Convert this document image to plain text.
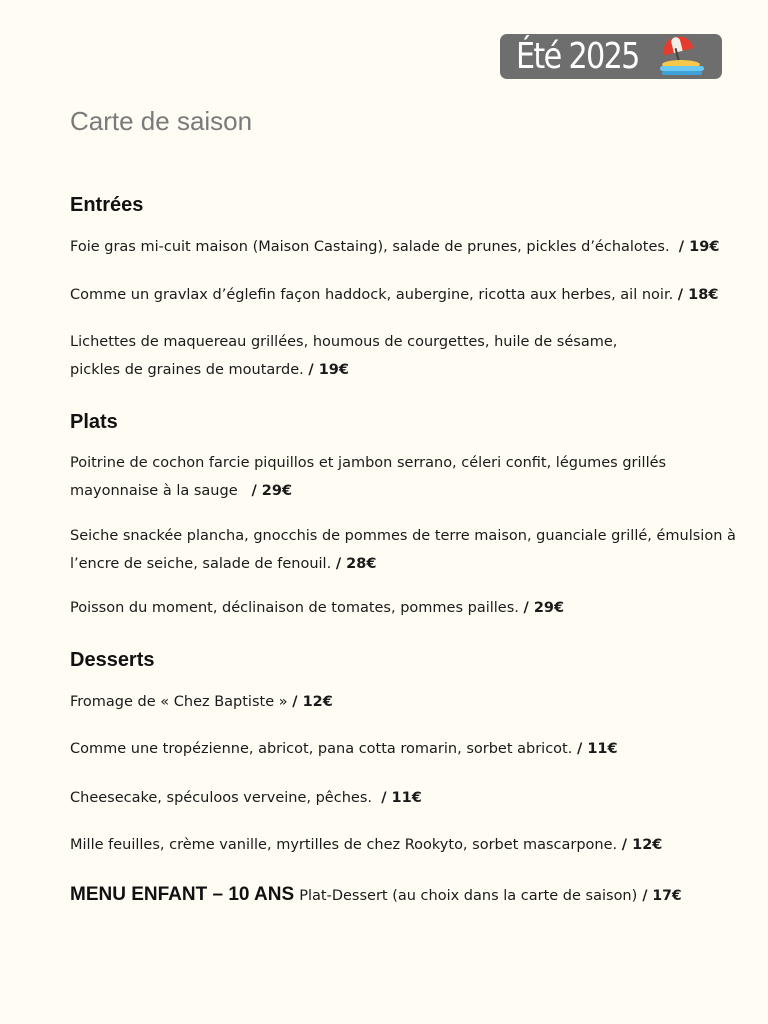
Été 2025
Carte de saison
Entrées
Foie gras mi-cuit maison (Maison Castaing), salade de prunes, pickles d’échalotes. / 19€
Comme un gravlax d’églefin façon haddock, aubergine, ricotta aux herbes, ail noir. / 18€
Lichettes de maquereau grillées, houmous de courgettes, huile de sésame, pickles de graines de moutarde. / 19€
Plats
Poitrine de cochon farcie piquillos et jambon serrano, céleri confit, légumes grillés mayonnaise à la sauge / 29€
Seiche snackée plancha, gnocchis de pommes de terre maison, guanciale grillé, émulsion à l’encre de seiche, salade de fenouil. / 28€
Poisson du moment, déclinaison de tomates, pommes pailles. / 29€
Desserts
Fromage de « Chez Baptiste » / 12€
Comme une tropézienne, abricot, pana cotta romarin, sorbet abricot. / 11€
Cheesecake, spéculoos verveine, pêches. / 11€
Mille feuilles, crème vanille, myrtilles de chez Rookyto, sorbet mascarpone. / 12€
MENU ENFANT – 10 ANS Plat-Dessert (au choix dans la carte de saison) / 17€
